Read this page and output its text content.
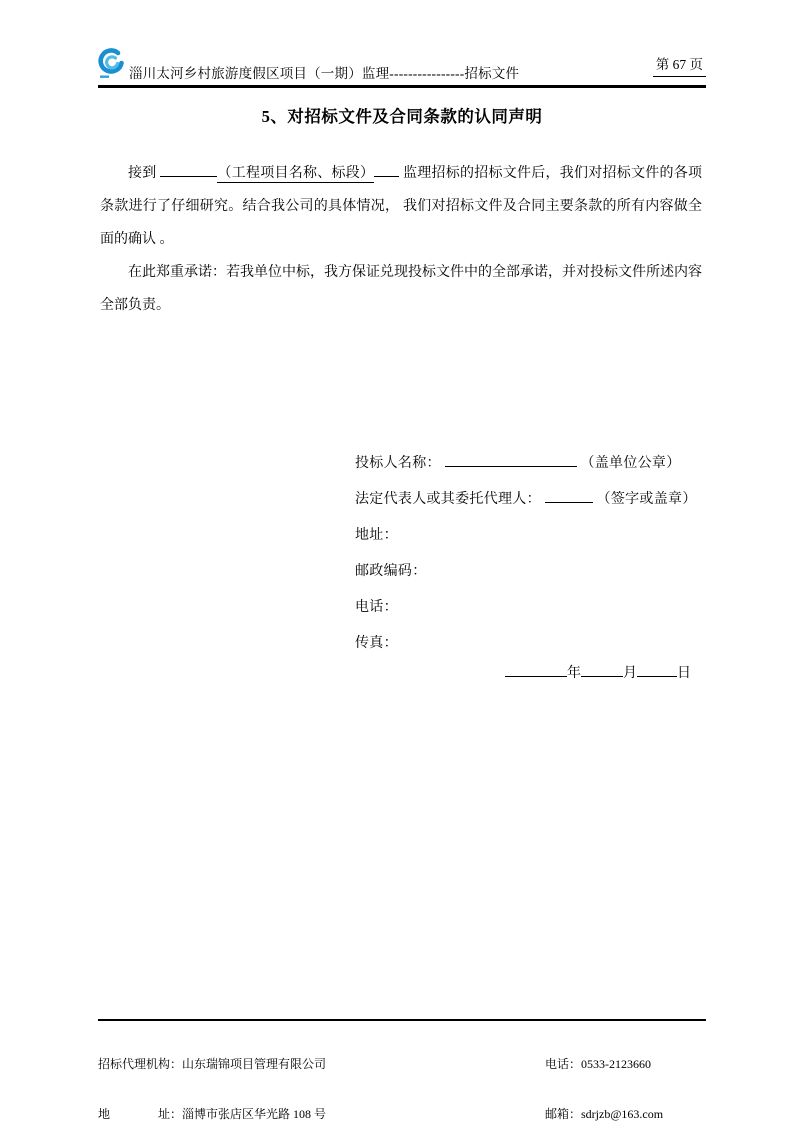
淄川太河乡村旅游度假区项目（一期）监理----------------招标文件
第 67 页
5、对招标文件及合同条款的认同声明

接到	（工程项目名称、标段） 监理招标的招标文件后，我们对招标文件的各项条款进行了仔细研究。结合我公司的具体情况， 我们对招标文件及合同主要条款的所有内容做全面的确认 。

在此郑重承诺：若我单位中标，我方保证兑现投标文件中的全部承诺，并对投标文件所述内容全部负责。

投标人名称：	（盖单位公章）
法定代表人或其委托代理人：	（签字或盖章）
地址：
邮政编码：
电话：
传真：
年	月	日

招标代理机构：山东瑞锦项目管理有限公司

地　　　　址：淄博市张店区华光路 108 号

电话：0533-2123660

邮箱：sdrjzb@163.com
